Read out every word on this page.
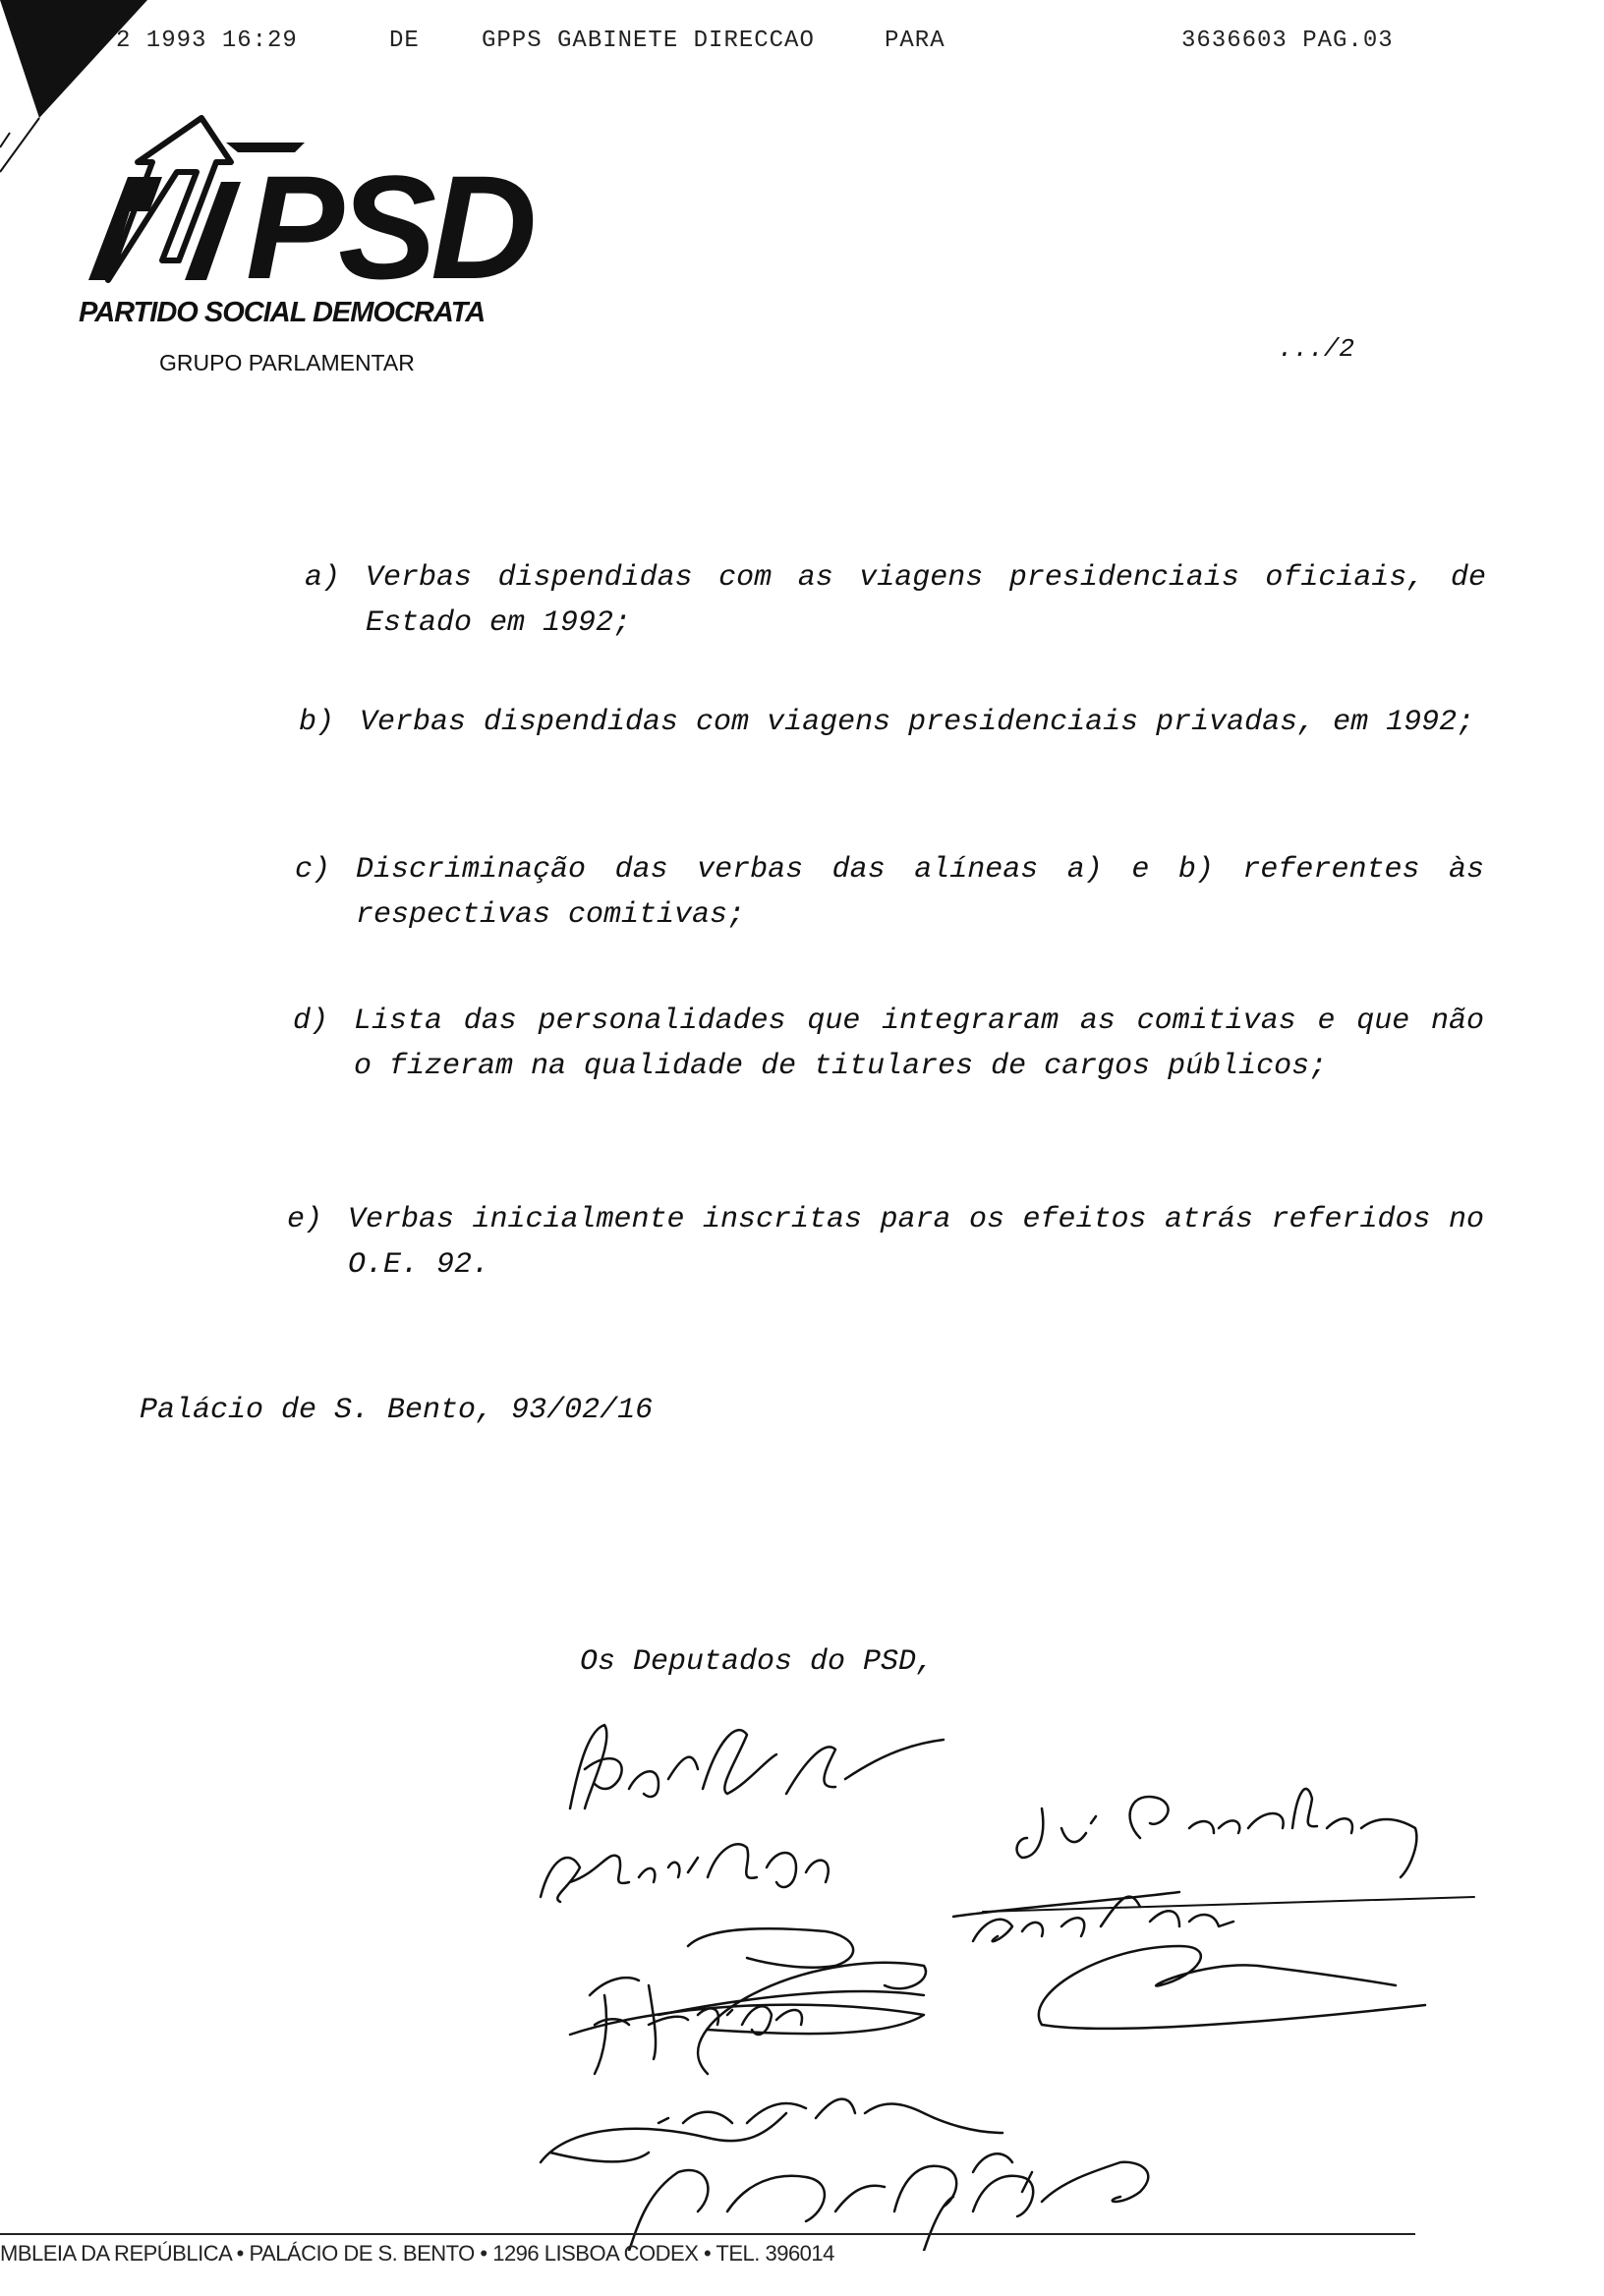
2 1993 16:29	DE	GPPS GABINETE DIRECCAO	PARA	3636603 PAG.03
PSD
PARTIDO SOCIAL DEMOCRATA
GRUPO PARLAMENTAR	.../2
a) Verbas dispendidas com as viagens presidenciais oficiais, de Estado em 1992;
b) Verbas dispendidas com viagens presidenciais privadas, em 1992;
c) Discriminação das verbas das alíneas a) e b) referentes às respectivas comitivas;
d) Lista das personalidades que integraram as comitivas e que não o fizeram na qualidade de titulares de cargos públicos;
e) Verbas inicialmente inscritas para os efeitos atrás referidos no O.E. 92.
Palácio de S. Bento, 93/02/16
Os Deputados do PSD,
MBLEIA DA REPÚBLICA • PALÁCIO DE S. BENTO • 1296 LISBOA CODEX • TEL. 396014
